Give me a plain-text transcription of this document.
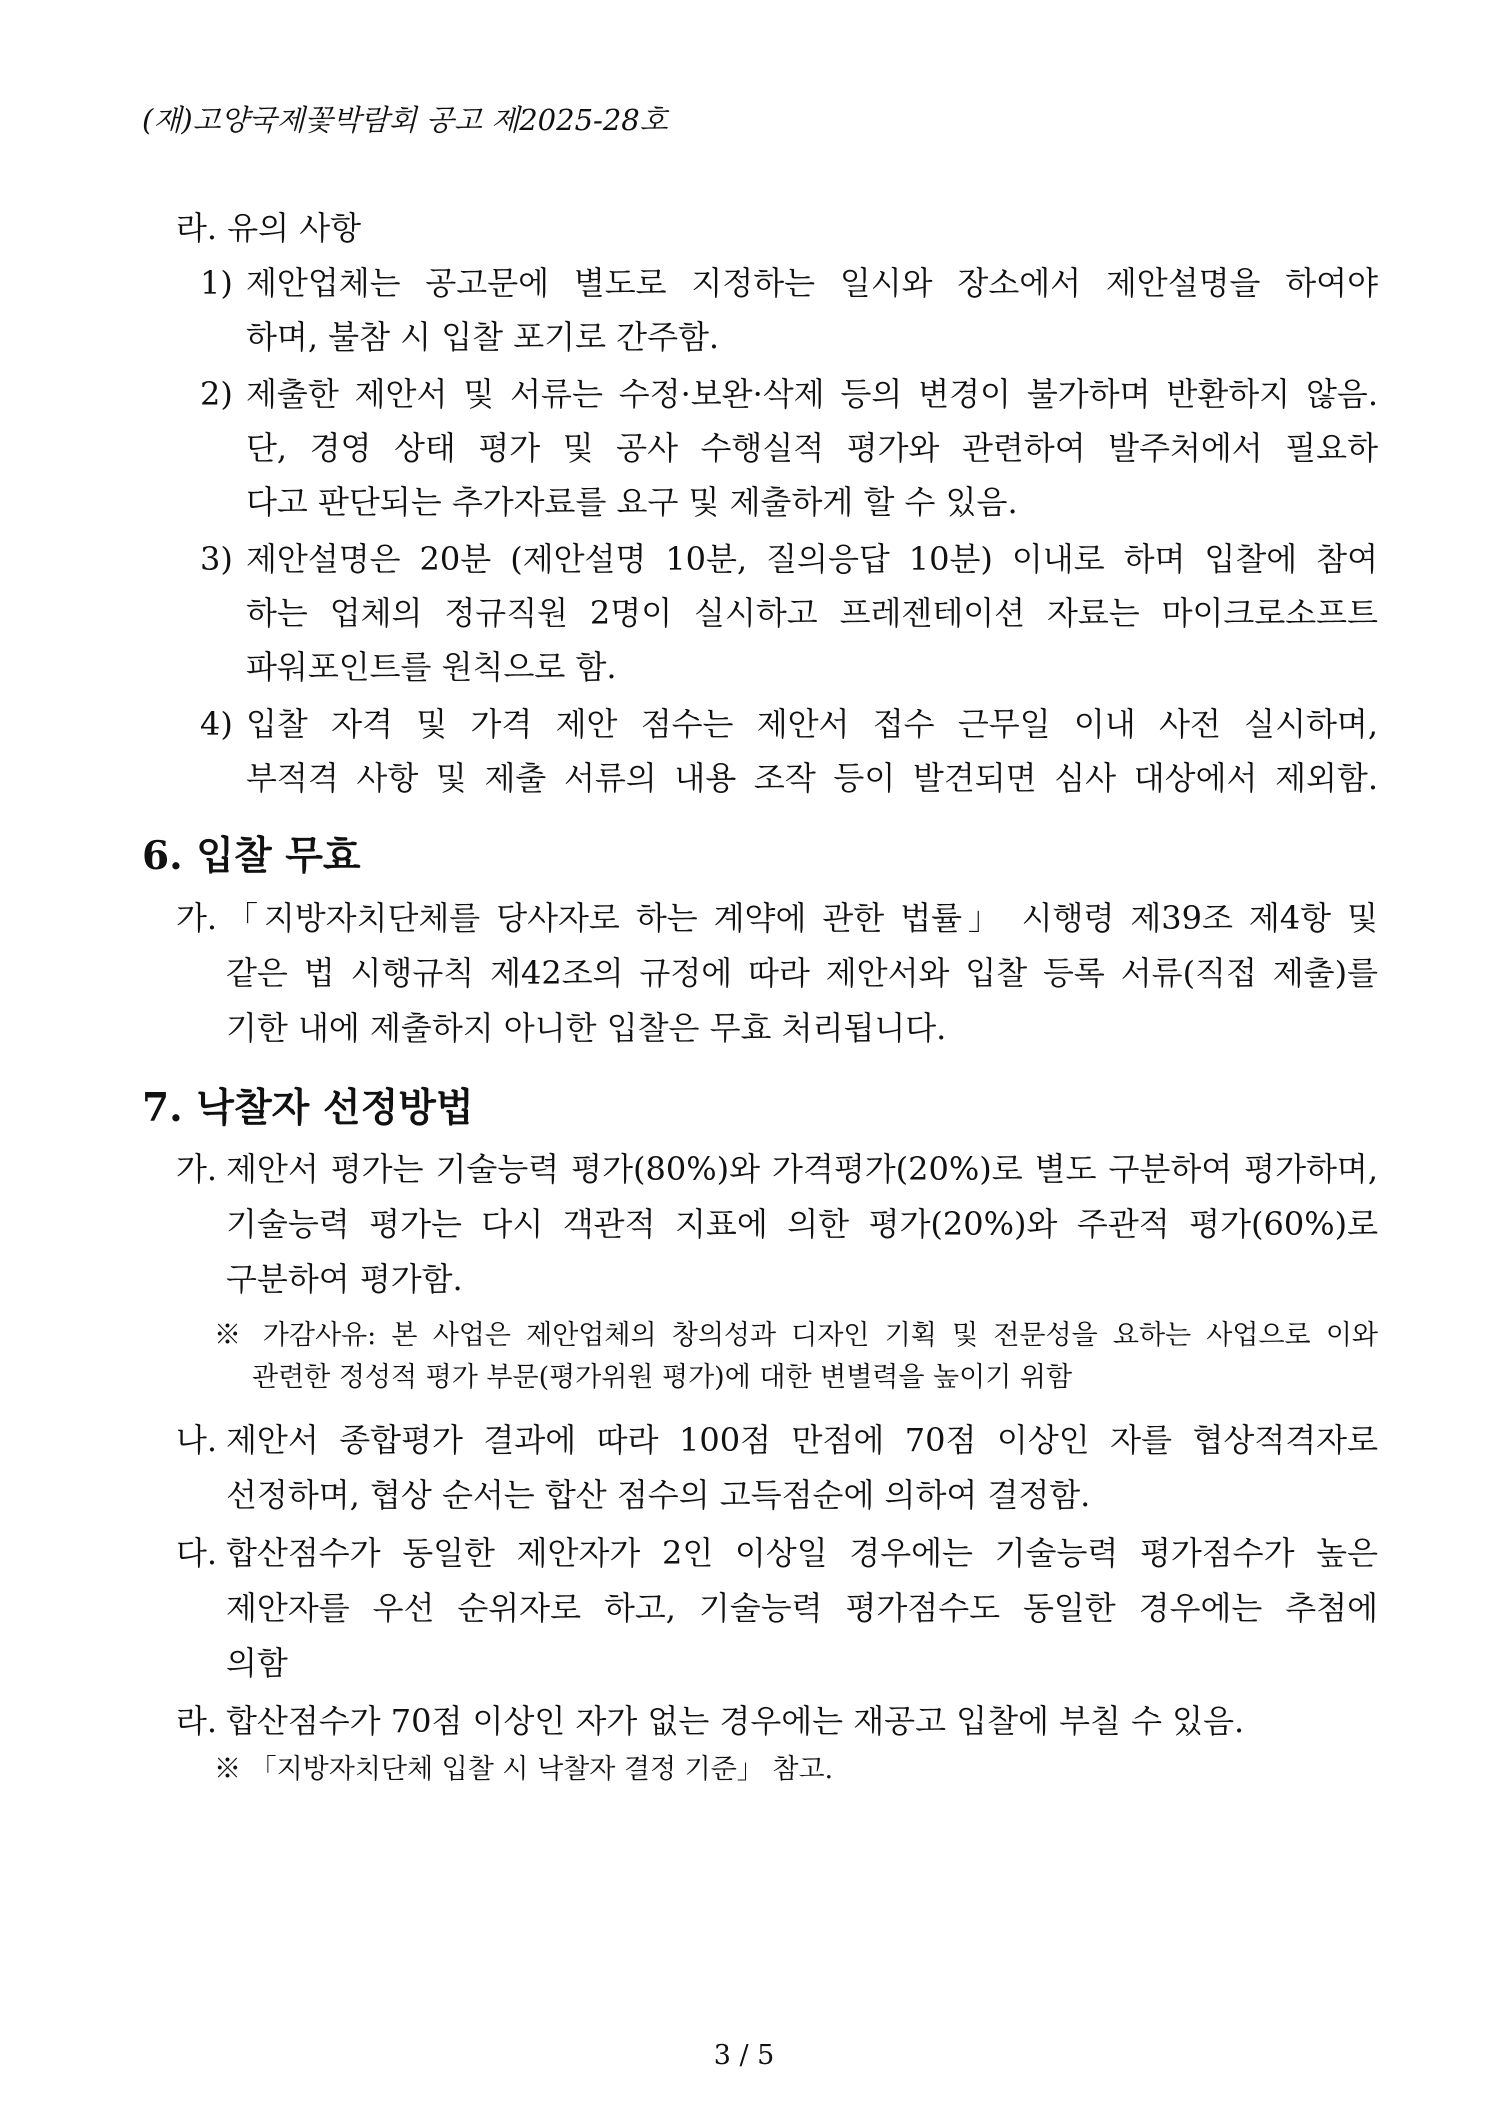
(재)고양국제꽃박람회 공고 제2025-28호
라. 유의 사항
1) 제안업체는 공고문에 별도로 지정하는 일시와 장소에서 제안설명을 하여야
하며, 불참 시 입찰 포기로 간주함.
2) 제출한 제안서 및 서류는 수정·보완·삭제 등의 변경이 불가하며 반환하지 않음.
단, 경영 상태 평가 및 공사 수행실적 평가와 관련하여 발주처에서 필요하
다고 판단되는 추가자료를 요구 및 제출하게 할 수 있음.
3) 제안설명은 20분 (제안설명 10분, 질의응답 10분) 이내로 하며 입찰에 참여
하는 업체의 정규직원 2명이 실시하고 프레젠테이션 자료는 마이크로소프트
파워포인트를 원칙으로 함.
4) 입찰 자격 및 가격 제안 점수는 제안서 접수 근무일 이내 사전 실시하며,
부적격 사항 및 제출 서류의 내용 조작 등이 발견되면 심사 대상에서 제외함.
6. 입찰 무효
가. 「지방자치단체를 당사자로 하는 계약에 관한 법률」 시행령 제39조 제4항 및
같은 법 시행규칙 제42조의 규정에 따라 제안서와 입찰 등록 서류(직접 제출)를
기한 내에 제출하지 아니한 입찰은 무효 처리됩니다.
7. 낙찰자 선정방법
가. 제안서 평가는 기술능력 평가(80%)와 가격평가(20%)로 별도 구분하여 평가하며,
기술능력 평가는 다시 객관적 지표에 의한 평가(20%)와 주관적 평가(60%)로
구분하여 평가함.
※ 가감사유: 본 사업은 제안업체의 창의성과 디자인 기획 및 전문성을 요하는 사업으로 이와
관련한 정성적 평가 부문(평가위원 평가)에 대한 변별력을 높이기 위함
나. 제안서 종합평가 결과에 따라 100점 만점에 70점 이상인 자를 협상적격자로
선정하며, 협상 순서는 합산 점수의 고득점순에 의하여 결정함.
다. 합산점수가 동일한 제안자가 2인 이상일 경우에는 기술능력 평가점수가 높은
제안자를 우선 순위자로 하고, 기술능력 평가점수도 동일한 경우에는 추첨에
의함
라. 합산점수가 70점 이상인 자가 없는 경우에는 재공고 입찰에 부칠 수 있음.
※ 「지방자치단체 입찰 시 낙찰자 결정 기준」 참고.
3 / 5
